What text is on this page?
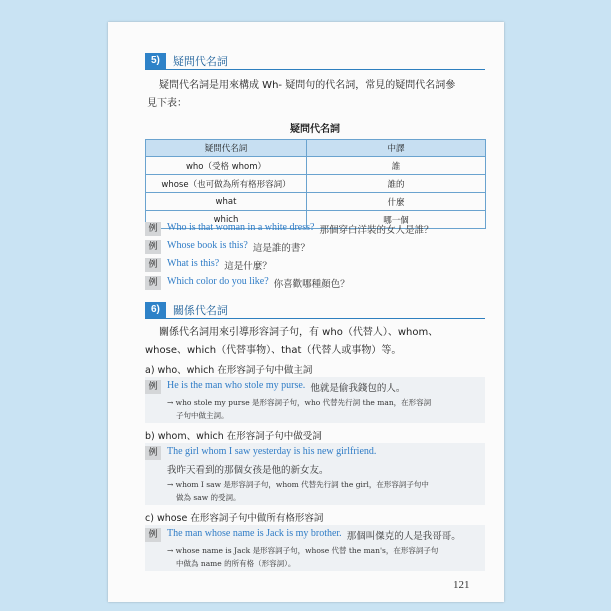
5)	疑問代名詞
疑問代名詞是用來構成 Wh- 疑問句的代名詞，常見的疑問代名詞參
見下表：
疑問代名詞
疑問代名詞	中譯
who（受格 whom）	誰
whose（也可做為所有格形容詞）	誰的
what	什麼
which	哪一個
例 Who is that woman in a white dress? 那個穿白洋裝的女人是誰？
例 Whose book is this? 這是誰的書？
例 What is this? 這是什麼？
例 Which color do you like? 你喜歡哪種顏色？
6)	關係代名詞
關係代名詞用來引導形容詞子句，有 who（代替人）、whom、
whose、which（代替事物）、that（代替人或事物）等。
a) who、which 在形容詞子句中做主詞
例 He is the man who stole my purse. 他就是偷我錢包的人。
→ who stole my purse 是形容詞子句，who 代替先行詞 the man，在形容詞
子句中做主詞。
b) whom、which 在形容詞子句中做受詞
例 The girl whom I saw yesterday is his new girlfriend.
我昨天看到的那個女孩是他的新女友。
→ whom I saw 是形容詞子句，whom 代替先行詞 the girl，在形容詞子句中
做為 saw 的受詞。
c) whose 在形容詞子句中做所有格形容詞
例 The man whose name is Jack is my brother. 那個叫傑克的人是我哥哥。
→ whose name is Jack 是形容詞子句，whose 代替 the man's，在形容詞子句
中做為 name 的所有格（形容詞）。
121
